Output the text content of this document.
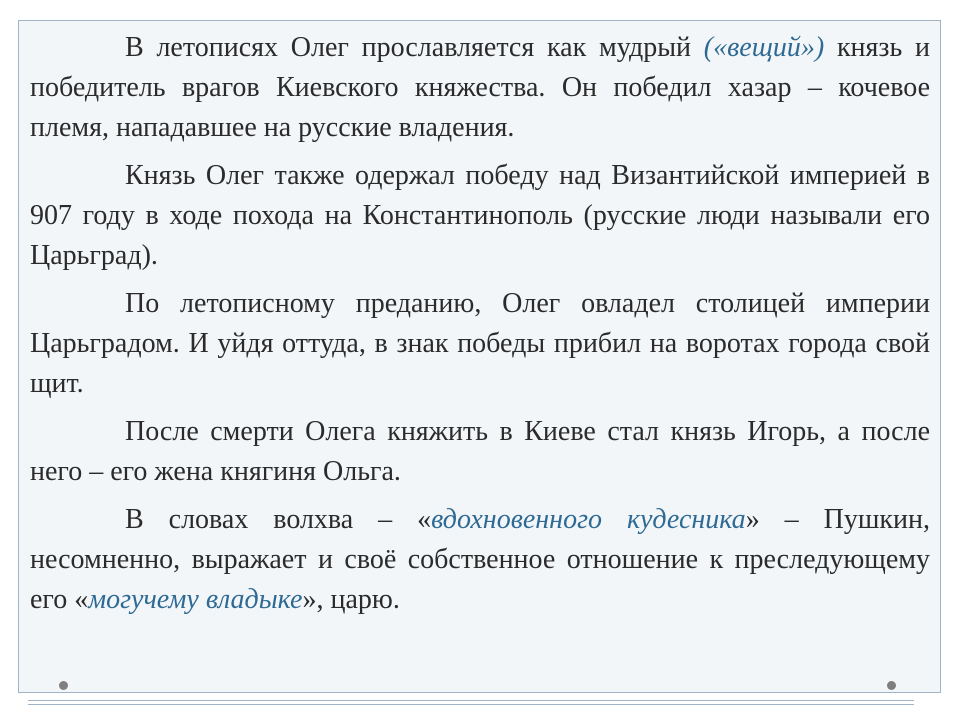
В летописях Олег прославляется как мудрый («вещий») князь и победитель врагов Киевского княжества. Он победил хазар – кочевое племя, нападавшее на русские владения.

Князь Олег также одержал победу над Византийской империей в 907 году в ходе похода на Константинополь (русские люди называли его Царьград).

По летописному преданию, Олег овладел столицей империи Царьградом. И уйдя оттуда, в знак победы прибил на воротах города свой щит.

После смерти Олега княжить в Киеве стал князь Игорь, а после него – его жена княгиня Ольга.

В словах волхва – «вдохновенного кудесника» – Пушкин, несомненно, выражает и своё собственное отношение к преследующему его «могучему владыке», царю.
